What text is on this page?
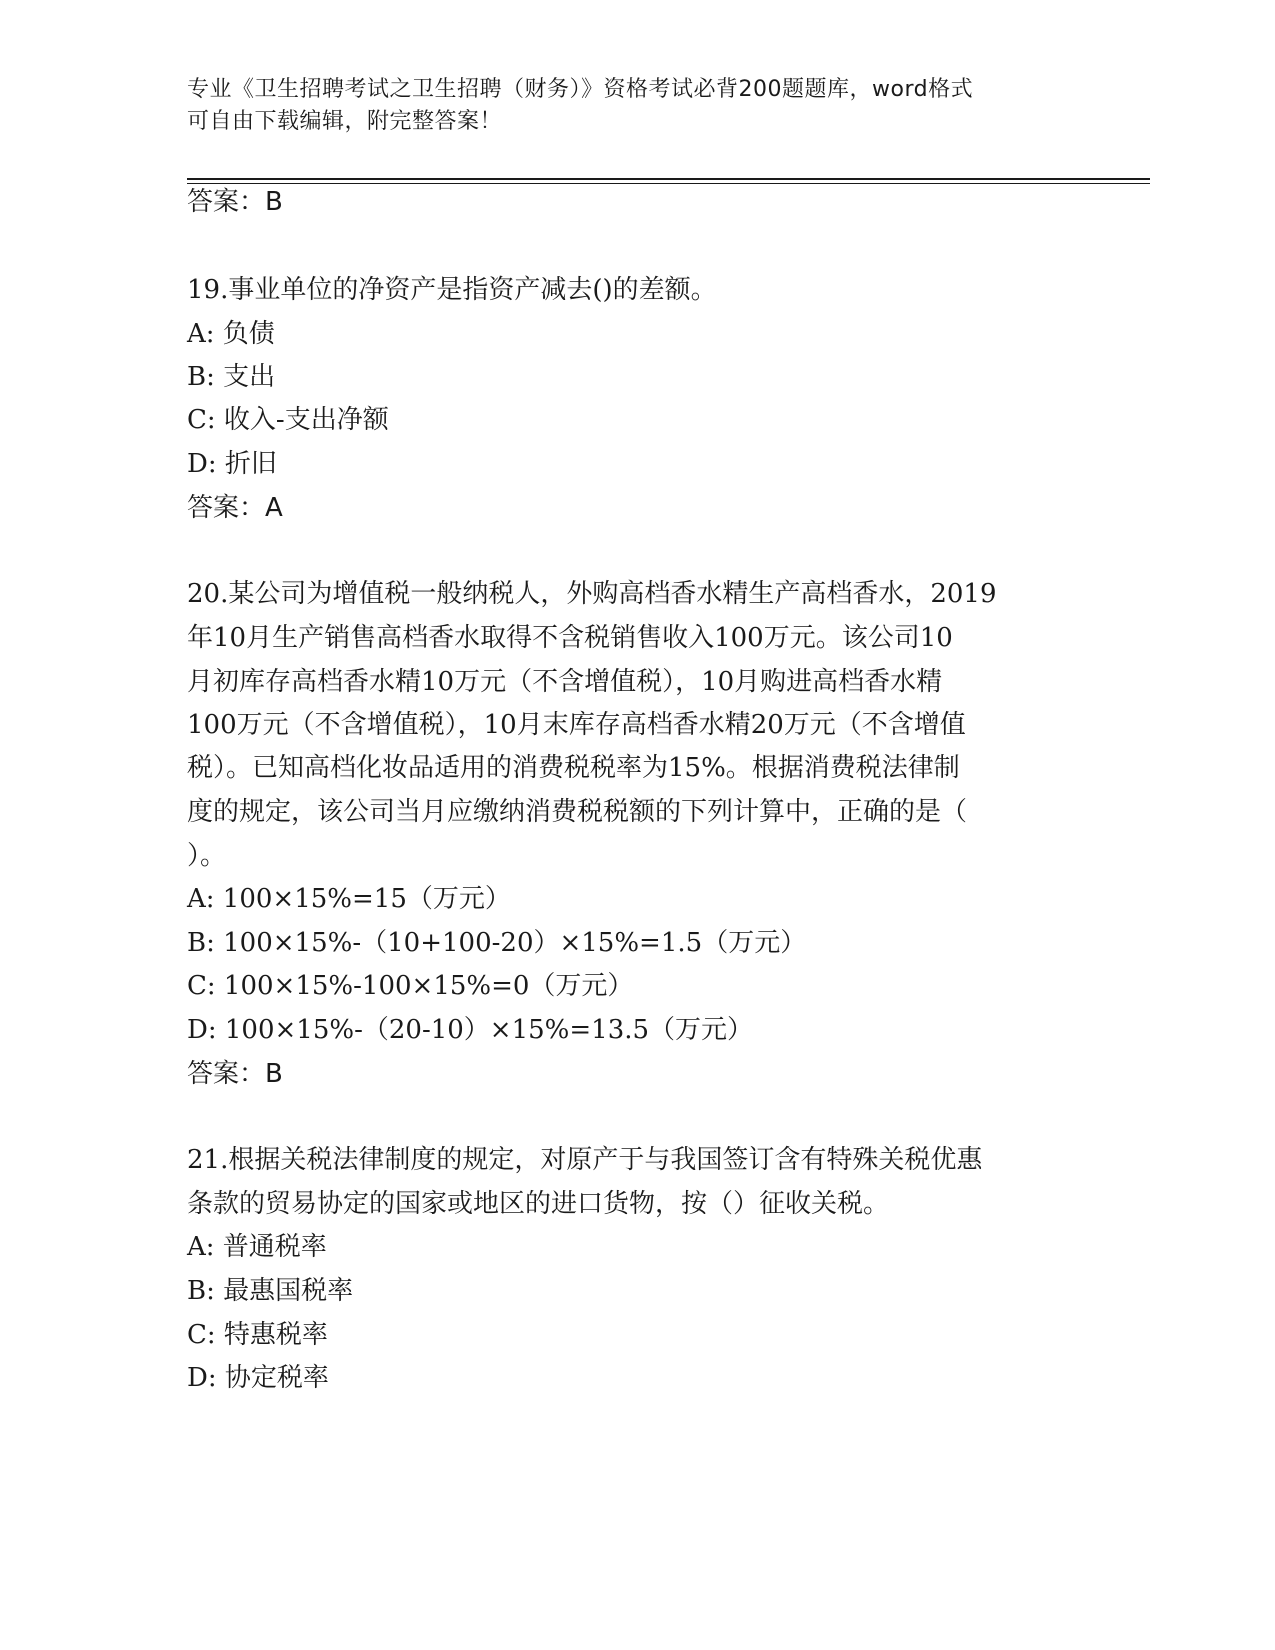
专业《卫生招聘考试之卫生招聘（财务）》资格考试必背200题题库，word格式
可自由下载编辑，附完整答案！
答案：B
19.事业单位的净资产是指资产减去()的差额。
A: 负债
B: 支出
C: 收入-支出净额
D: 折旧
答案：A
20.某公司为增值税一般纳税人，外购高档香水精生产高档香水，2019
年10月生产销售高档香水取得不含税销售收入100万元。该公司10
月初库存高档香水精10万元（不含增值税），10月购进高档香水精
100万元（不含增值税），10月末库存高档香水精20万元（不含增值
税）。已知高档化妆品适用的消费税税率为15%。根据消费税法律制
度的规定，该公司当月应缴纳消费税税额的下列计算中，正确的是（
）。
A: 100×15%=15（万元）
B: 100×15%-（10+100-20）×15%=1.5（万元）
C: 100×15%-100×15%=0（万元）
D: 100×15%-（20-10）×15%=13.5（万元）
答案：B
21.根据关税法律制度的规定，对原产于与我国签订含有特殊关税优惠
条款的贸易协定的国家或地区的进口货物，按（）征收关税。
A: 普通税率
B: 最惠国税率
C: 特惠税率
D: 协定税率
